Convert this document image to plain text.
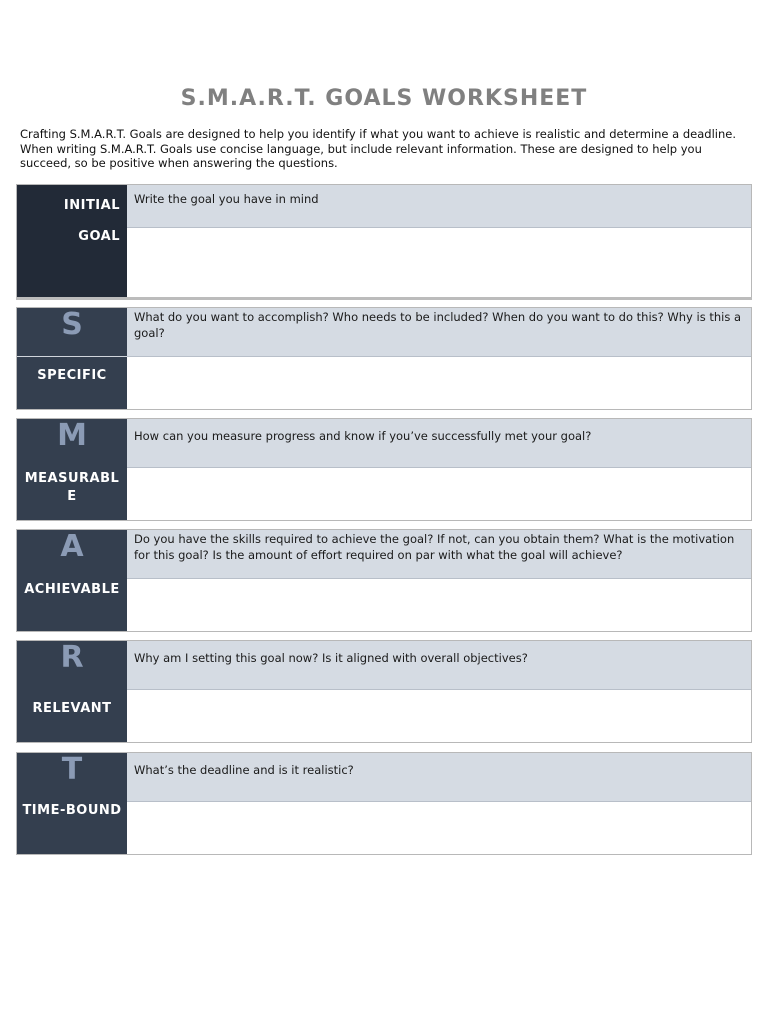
S.M.A.R.T. GOALS WORKSHEET

Crafting S.M.A.R.T. Goals are designed to help you identify if what you want to achieve is realistic and determine a deadline. When writing S.M.A.R.T. Goals use concise language, but include relevant information. These are designed to help you succeed, so be positive when answering the questions.

INITIAL
GOAL
Write the goal you have in mind
S
SPECIFIC
What do you want to accomplish? Who needs to be included? When do you want to do this? Why is this a goal?
M
MEASURABLE
How can you measure progress and know if you’ve successfully met your goal?
A
ACHIEVABLE
Do you have the skills required to achieve the goal? If not, can you obtain them? What is the motivation for this goal? Is the amount of effort required on par with what the goal will achieve?
R
RELEVANT
Why am I setting this goal now? Is it aligned with overall objectives?
T
TIME-BOUND
What’s the deadline and is it realistic?
